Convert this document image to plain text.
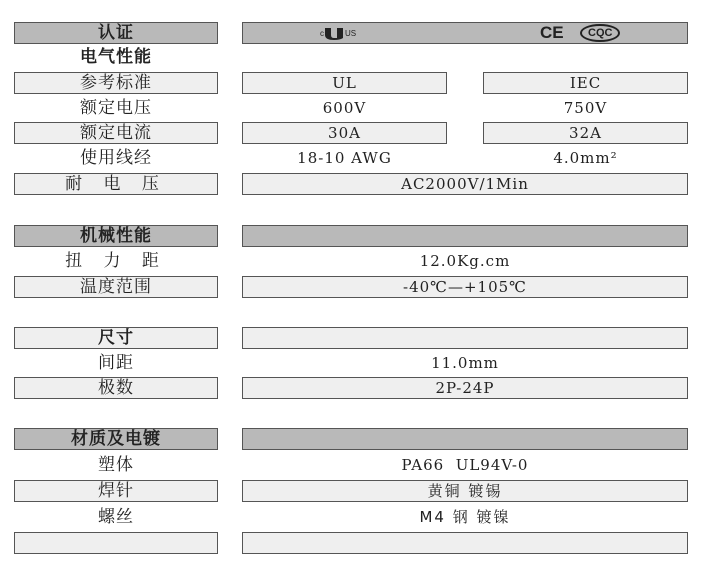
认证	c	US	CE	CQC
电气性能
参考标准	UL	IEC
额定电压	600V	750V
额定电流	30A	32A
使用线经	18-10 AWG	4.0mm²
耐 电 压	AC2000V/1Min
机械性能
扭 力 距	12.0Kg.cm
温度范围	-40℃—+105℃
尺寸
间距	11.0mm
极数	2P-24P
材质及电镀
塑体	PA66  UL94V-0
焊针	黄铜 镀锡
螺丝	M4 钢 镀镍
